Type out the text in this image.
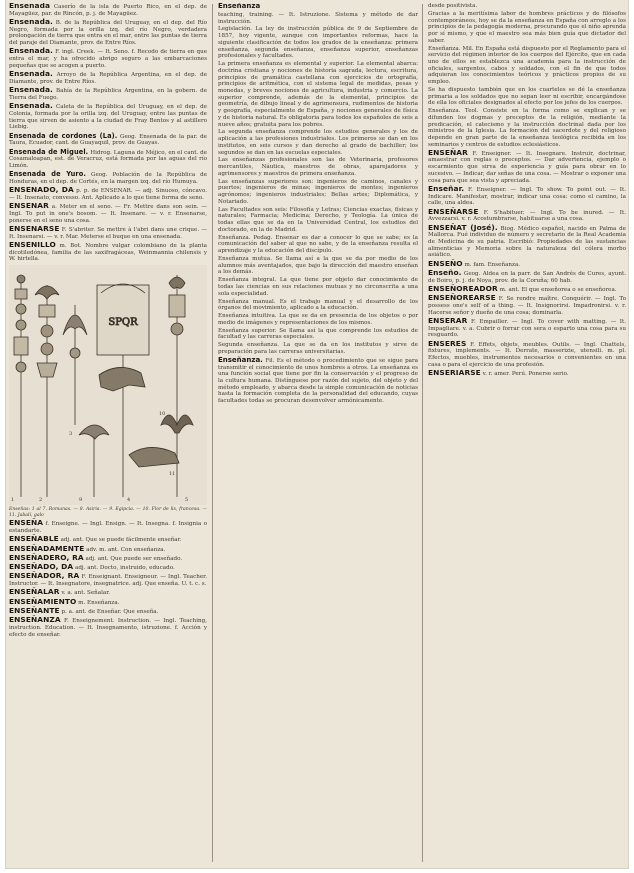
Ensenada Caserío de la isla de Puerto Rico, en el dep. de Mayagüez, par. de Rincón, p. j. de Mayagüez.
Ensenada. B. de la República del Uruguay, en el dep. del Río Negro, formada por la orilla izq. del río Negro, verdadera prolongación de tierra que entra en el mar, entre las puntas de tierra del paraje del Diamante, prov. de Entre Ríos.
Ensenada. F. ingl. Creek. — It. Seno. f. Recodo de tierra en que entra el mar, y ha ofrecido abrigo seguro a las embarcaciones pequeñas que se acogen a puerto.
Ensenada. Arroyo de la República Argentina, en el dep. de Diamante, prov. de Entre Ríos.
Ensenada. Bahía de la República Argentina, en la gobern. de Tierra del Fuego.
Ensenada. Caleta de la República del Uruguay, en el dep. de Colonia, formada por la orilla izq. del Uruguay, entre las puntas de tierra que sirven de asiento a la ciudad de Fray Bentos y al astillero Liebig.
Ensenada de cordones (La). Geog. Ensenada de la par. de Taura, Ecuador, cant. de Guayaquil, prov. de Guayas.
Ensenada de Miguel. Hidrog. Laguna de Méjico, en el cant. de Cosamaloapan, est. de Veracruz, está formada por las aguas del río Limón.
Ensenada de Yuro. Geog. Población de la República de Honduras, en el dep. de Cortés, en la margen izq. del río Humuya.
ENSENADO, DA p. p. de ENSENAR. — adj. Sinuoso, cóncavo. — It. Insenato, convesso. Ant. Aplicado a lo que tiene forma de seno.
ENSENAR a. Meter en el seno. — Fr. Mettre dans son sein. — Ingl. To put in one's bosom. — It. Insenare. — v. r. Ensenarse, ponerse en el seno una cosa.
ENSENARSE F. S'abriter. Se mettre à l'abri dans une crique. — It. Insenarsi. — v. r. Mar. Meterse el buque en una ensenada.
ENSENILLO m. Bot. Nombre vulgar colombiano de la planta dicotiledónea, familia de las saxifragáceas, Weinmannia chilensis y W. hirtella.
SPQR
1	2
3
4	5
10
11
9
Enseñas: 1 al 7. Romanas. — 8. Asiria. — 9. Egipcia. — 10. Flor de lis, francesa. — 11. Jabalí, galo
ENSEÑA f. Enseigne. — Ingl. Ensign. — It. Insegna. f. Insignia o estandarte.
ENSEÑABLE adj. ant. Que se puede fácilmente enseñar.
ENSEÑADAMENTE adv. m. ant. Con enseñanza.
ENSEÑADERO, RA adj. ant. Que puede ser enseñado.
ENSEÑADO, DA adj. ant. Docto, instruido, educado.
ENSEÑADOR, RA F. Enseignant. Enseigneur. — Ingl. Teacher. Instructor. — It. Insegnatore, insegnatrice. adj. Que enseña. U. t. c. s.
ENSEÑALAR v. a. ant. Señalar.
ENSEÑAMIENTO m. Enseñanza.
ENSEÑANTE p. a. ant. de Enseñar. Que enseña.
ENSEÑANZA F. Enseignement. Instruction. — Ingl. Teaching, instruction. Education. — It. Insegnamento, istruzione. f. Acción y efecto de enseñar.
Enseñanza
teaching, training. — It. Istruzione. Sistema y método de dar instrucción.
Legislación. La ley de instrucción pública de 9 de Septiembre de 1857, hoy vigente, aunque con importantes reformas, hace la siguiente clasificación de todos los grados de la enseñanza: primera enseñanza, segunda enseñanza, enseñanza superior, enseñanzas profesionales y facultades.
La primera enseñanza es elemental y superior. La elemental abarca: doctrina cristiana y nociones de historia sagrada, lectura, escritura, principios de gramática castellana con ejercicios de ortografía, principios de aritmética, con el sistema legal de medidas, pesas y monedas, y breves nociones de agricultura, industria y comercio. La superior comprende, además de la elemental, principios de geometría, de dibujo lineal y de agrimensura, rudimentos de historia y geografía, especialmente de España, y nociones generales de física y de historia natural. Es obligatoria para todos los españoles de seis a nueve años; gratuita para los pobres.
La segunda enseñanza comprende los estudios generales y los de aplicación a las profesiones industriales. Los primeros se dan en los institutos, en seis cursos y dan derecho al grado de bachiller; los segundos se dan en las escuelas especiales.
Las enseñanzas profesionales son las de Veterinaria, profesores mercantiles, Náutica, maestros de obras, aparejadores y agrimensores y maestros de primera enseñanza.
Las enseñanzas superiores son: ingenieros de caminos, canales y puertos; ingenieros de minas; ingenieros de montes; ingenieros agrónomos; ingenieros industriales; Bellas artes; Diplomática, y Notariado.
Las Facultades son seis: Filosofía y Letras; Ciencias exactas, físicas y naturales; Farmacia; Medicina; Derecho, y Teología. La única de todas ellas que se da en la Universidad Central, los estudios del doctorado, en la de Madrid.
Enseñanza. Pedag. Ensenar es dar a conocer lo que se sabe; es la comunicación del saber al que no sabe, y de la enseñanza resulta el aprendizaje y la educación del discípulo.
Enseñanza mutua. Se llama así a la que se da por medio de los alumnos más aventajados, que bajo la dirección del maestro enseñan a los demás.
Enseñanza integral. La que tiene por objeto dar conocimiento de todas las ciencias en sus relaciones mutuas y no circunscrita a una sola especialidad.
Enseñanza manual. Es el trabajo manual y el desarrollo de los órganos del movimiento, aplicado a la educación.
Enseñanza intuitiva. La que se da en presencia de los objetos o por medio de imágenes y representaciones de los mismos.
Enseñanza superior. Se llama así la que comprende los estudios de facultad y las carreras especiales.
Segunda enseñanza. La que se da en los institutos y sirve de preparación para las carreras universitarias.
Enseñanza. Fil. Es el método o procedimiento que se sigue para transmitir el conocimiento de unos hombres a otros. La enseñanza es una función social que tiene por fin la conservación y el progreso de la cultura humana. Distínguese por razón del sujeto, del objeto y del método empleado, y abarca desde la simple comunicación de noticias hasta la formación completa de la personalidad del educando, cuyas facultades todas se procuran desenvolver armónicamente.
desde positivista.
Gracias a la meritísima labor de hombres prácticos y de filósofos contemporáneos, hoy se da la enseñanza en España con arreglo a los principios de la pedagogía moderna, procurando que el niño aprenda por sí mismo, y que el maestro sea más bien guía que dictador del saber.
Enseñanza. Mil. En España está dispuesto por el Reglamento para el servicio del régimen interior de los cuerpos del Ejército, que en cada uno de ellos se establezca una academia para la instrucción de oficiales, sargentos, cabos y soldados, con el fin de que todos adquieran los conocimientos teóricos y prácticos propios de su empleo.
Se ha dispuesto también que en los cuarteles se dé la enseñanza primaria a los soldados que no sepan leer ni escribir, encargándose de ella los oficiales designados al efecto por los jefes de los cuerpos.
Enseñanza. Teol. Consiste en la forma como se explican y se difunden los dogmas y preceptos de la religión, mediante la predicación, el catecismo y la instrucción doctrinal dada por los ministros de la Iglesia. La formación del sacerdote y del religioso depende en gran parte de la enseñanza teológica recibida en los seminarios y centros de estudios eclesiásticos.
ENSEÑAR F. Enseigner. — It. Insegnare. Instruir, doctrinar, amaestrar con reglas o preceptos. — Dar advertencia, ejemplo o escarmiento que sirva de experiencia y guía para obrar en lo sucesivo. — Indicar, dar señas de una cosa. — Mostrar o exponer una cosa para que sea vista y apreciada.
Enseñar. F. Enseigner. — Ingl. To show. To point out. — It. Indicare. Manifestar, mostrar, indicar una cosa: como el camino, la calle, una aldea.
ENSEÑARSE F. S'habituer. — Ingl. To be inured. — It. Avvezzarsi. v. r. Acostumbrarse, habituarse a una cosa.
ENSEÑAT (José). Biog. Médico español, nacido en Palma de Mallorca. Fué individuo de número y secretario de la Real Academia de Medicina de su patria. Escribió: Propiedades de las sustancias alimenticias y Memoria sobre la naturaleza del cólera morbo asiático.
ENSEÑO m. fam. Enseñanza.
Enseño. Geog. Aldea en la parr. de San Andrés de Cures, ayunt. de Boiro, p. j. de Noya, prov. de la Coruña; 60 hab.
ENSEÑOREADOR m. ant. El que enseñorea o se enseñorea.
ENSEÑOREARSE F. Se rendre maître. Conquérir. — Ingl. To possess one's self of a thing. — It. Insignorirsi. Impadronirsi. v. r. Hacerse señor y dueño de una cosa; dominarla.
ENSERAR F. Empailler. — Ingl. To cover with matting. — It. Impagliare. v. a. Cubrir o forrar con sera o esparto una cosa para su resguardo.
ENSERES F. Effets, objets, meubles. Outils. — Ingl. Chattels, fixtures, implements. — It. Derrate, masserizie, utensili. m. pl. Efectos, muebles, instrumentos necesarios o convenientes en una casa o para el ejercicio de una profesión.
ENSERIARSE v. r. amer. Perú. Ponerse serio.
